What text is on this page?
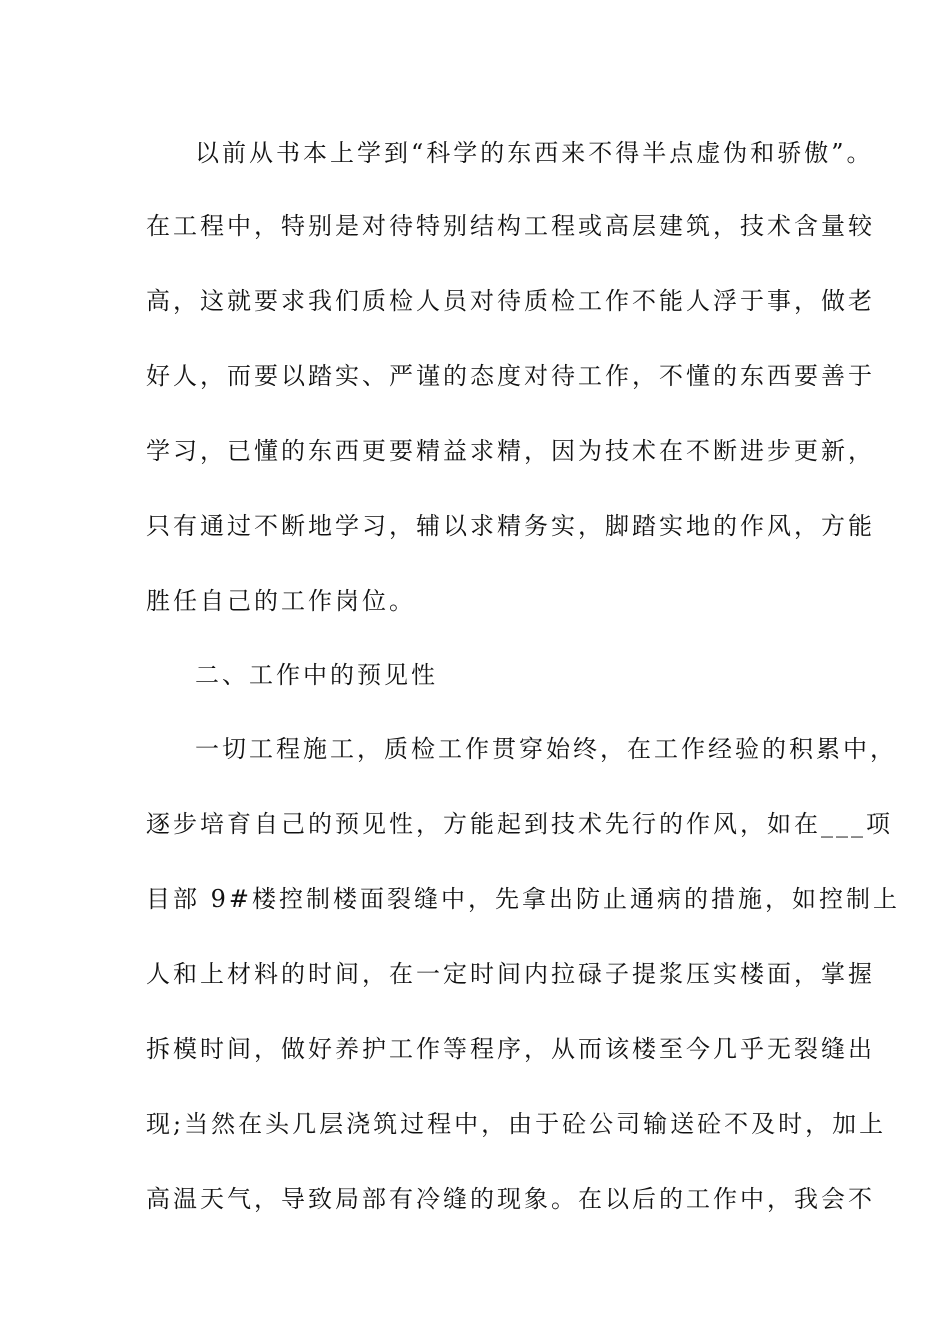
以前从书本上学到“科学的东西来不得半点虚伪和骄傲”。
在工程中，特别是对待特别结构工程或高层建筑，技术含量较
高，这就要求我们质检人员对待质检工作不能人浮于事，做老
好人，而要以踏实、严谨的态度对待工作，不懂的东西要善于
学习，已懂的东西更要精益求精，因为技术在不断进步更新，
只有通过不断地学习，辅以求精务实，脚踏实地的作风，方能
胜任自己的工作岗位。
二、工作中的预见性
一切工程施工，质检工作贯穿始终，在工作经验的积累中，
逐步培育自己的预见性，方能起到技术先行的作风，如在___项
目部 9#楼控制楼面裂缝中，先拿出防止通病的措施，如控制上
人和上材料的时间，在一定时间内拉碌子提浆压实楼面，掌握
拆模时间，做好养护工作等程序，从而该楼至今几乎无裂缝出
现;当然在头几层浇筑过程中，由于砼公司输送砼不及时，加上
高温天气，导致局部有冷缝的现象。在以后的工作中，我会不
